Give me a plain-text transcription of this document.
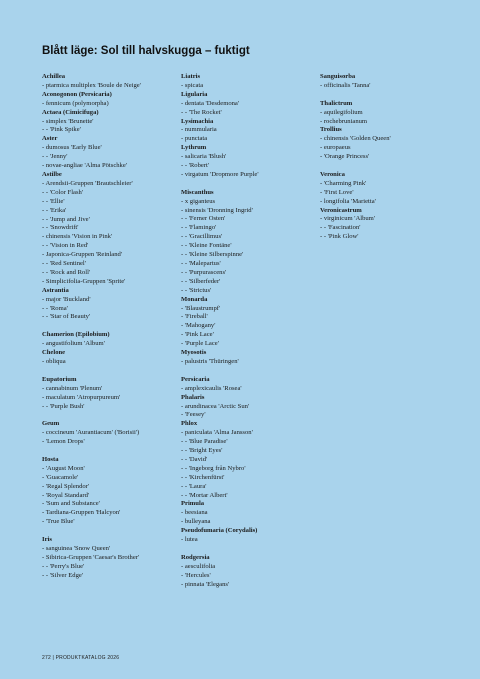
Blått läge: Sol till halvskugga – fuktigt
Achillea
- ptarmica multiplex 'Boule de Neige'
Aconogonon (Persicaria)
- fennicum (polymorpha)
Actaea (Cimicifuga)
- simplex 'Brunette'
- - 'Pink Spike'
Aster
- dumosus 'Early Blue'
- - 'Jenny'
- novae-angliae 'Alma Pötschke'
Astilbe
- Arendsii-Gruppen 'Brautschleier'
- - 'Color Flash'
- - 'Ellie'
- - 'Erika'
- - 'Jump and Jive'
- - 'Snowdrift'
- chinensis 'Vision in Pink'
- - 'Vision in Red'
- Japonica-Gruppen 'Reinland'
- - 'Red Sentinel'
- - 'Rock and Roll'
- Simplicifolia-Gruppen 'Sprite'
Astrantia
- major 'Buckland'
- - 'Roma'
- - 'Star of Beauty'
Chamerion (Epilobium)
- angustifolium 'Album'
Chelone
- obliqua
Eupatorium
- cannabinum 'Plenum'
- maculatum 'Atropurpureum'
- - 'Purple Bush'
Geum
- coccineum 'Aurantiacum' ('Borisii')
- 'Lemon Drops'
Hosta
- 'August Moon'
- 'Guacamole'
- 'Regal Splendor'
- 'Royal Standard'
- 'Sum and Substance'
- Tardiana-Gruppen 'Halcyon'
- 'True Blue'
Iris
- sanguinea 'Snow Queen'
- Sibirica-Gruppen 'Caesar's Brother'
- - 'Perry's Blue'
- - 'Silver Edge'
Liatris
- spicata
Ligularia
- dentata 'Desdemona'
- - 'The Rocket'
Lysimachia
- nummularia
- punctata
Lythrum
- salicaria 'Blush'
- - 'Robert'
- virgatum 'Dropmore Purple'
Miscanthus
- x giganteus
- sinensis 'Dronning Ingrid'
- - 'Ferner Osten'
- - 'Flamingo'
- - 'Gracillimus'
- - 'Kleine Fontäne'
- - 'Kleine Silberspinne'
- - 'Malepartus'
- - 'Purpurascens'
- - 'Silberfeder'
- - 'Strictus'
Monarda
- 'Blaustrumpf'
- 'Fireball'
- 'Mahogany'
- 'Pink Lace'
- 'Purple Lace'
Myosotis
- palustris 'Thüringen'
Persicaria
- amplexicaulis 'Rosea'
Phalaris
- arundinacea 'Arctic Sun'
- 'Feesey'
Phlox
- paniculata 'Alma Jansson'
- - 'Blue Paradise'
- - 'Bright Eyes'
- - 'David'
- - 'Ingeborg från Nybro'
- - 'Kirchenfürst'
- - 'Laura'
- - 'Mortar Albert'
Primula
- beesiana
- bulleyana
Pseudofumaria (Corydalis)
- lutea
Rodgersia
- aesculifolia
- 'Hercules'
- pinnata 'Elegans'
Sanguisorba
- officinalis 'Tanna'
Thalictrum
- aquilegifolium
- rochebrunianum
Trollius
- chinensis 'Golden Queen'
- europaeus
- 'Orange Princess'
Veronica
- 'Charming Pink'
- 'First Love'
- longifolia 'Marietta'
Veronicastrum
- virginicum 'Album'
- - 'Fascination'
- - 'Pink Glow'
272 | PRODUKTKATALOG 2026
